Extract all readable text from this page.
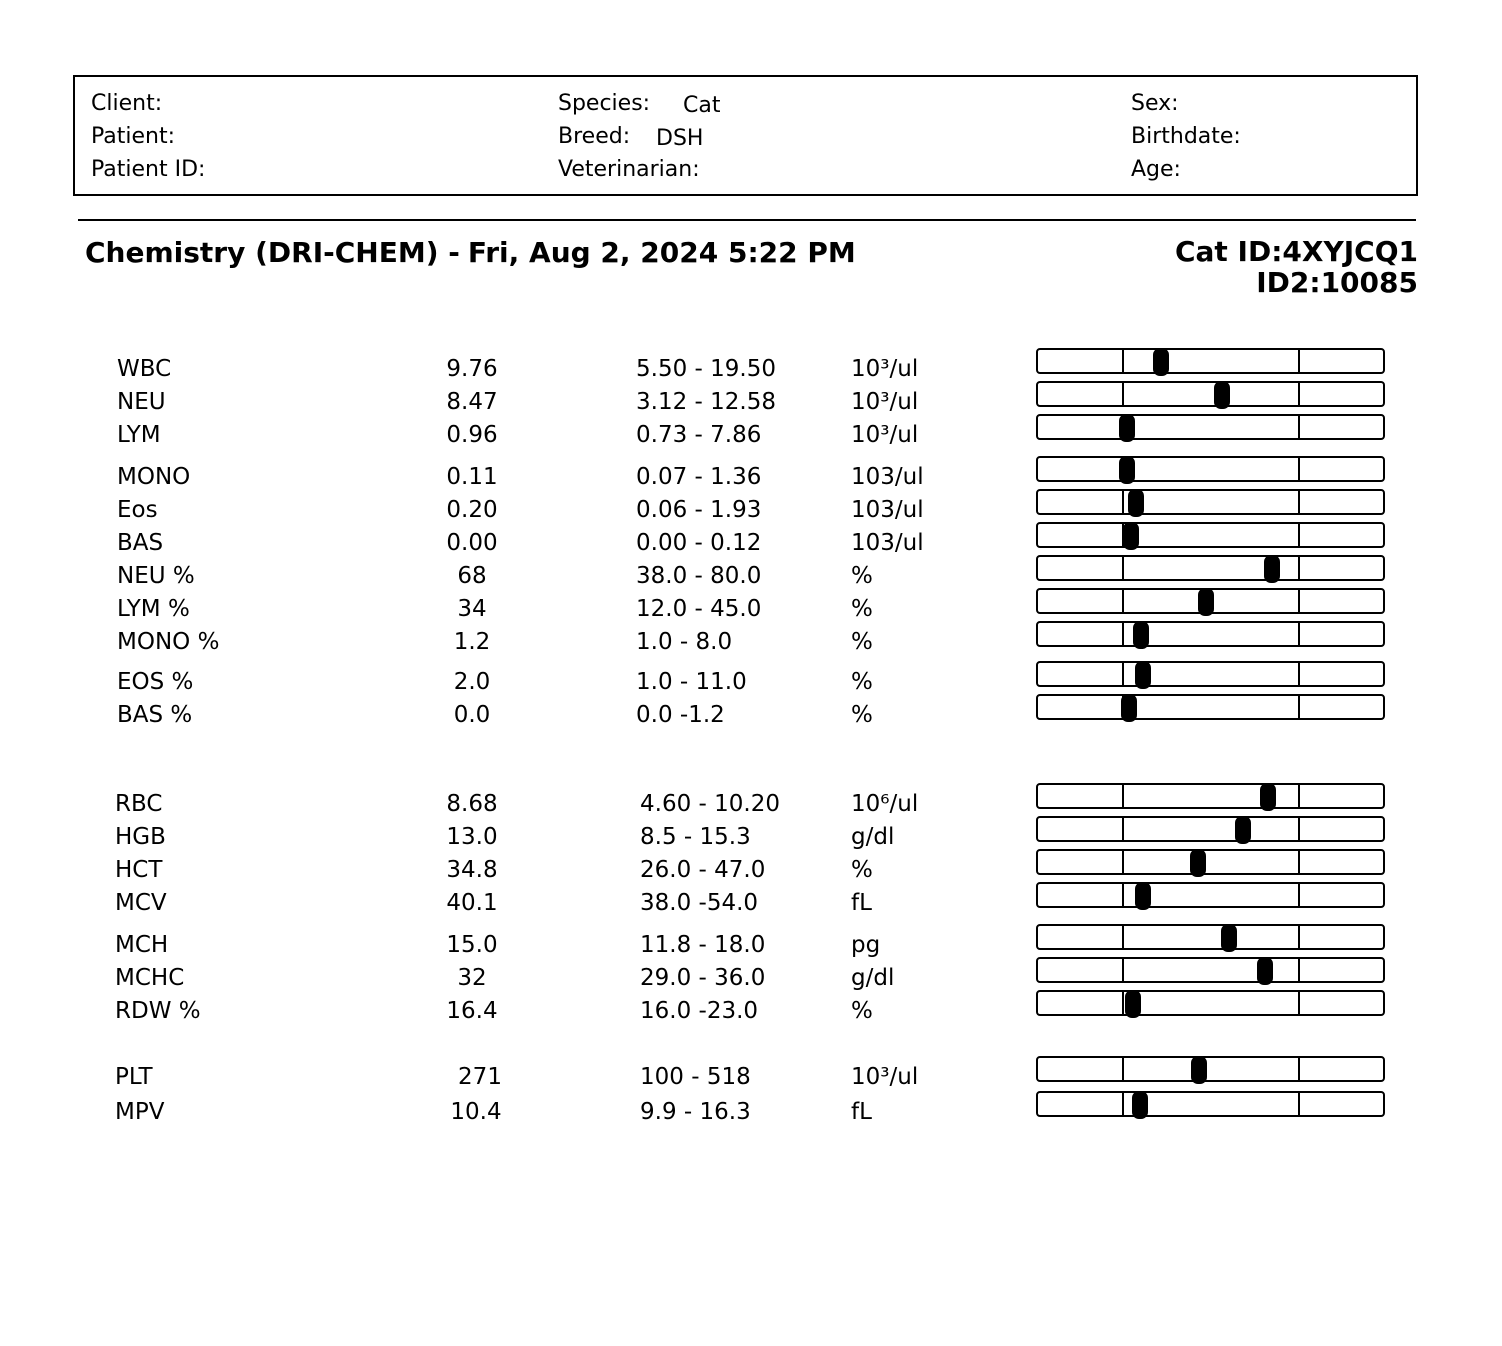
Client:
Patient:
Patient ID:
Species: Cat
Breed: DSH
Veterinarian:
Sex:
Birthdate:
Age:
Chemistry (DRI-CHEM) - Fri, Aug 2, 2024 5:22 PM	Cat ID:4XYJCQ1
ID2:10085
WBC	9.76	5.50 - 19.50	10³/ul
NEU	8.47	3.12 - 12.58	10³/ul
LYM	0.96	0.73 - 7.86	10³/ul
MONO	0.11	0.07 - 1.36	103/ul
Eos	0.20	0.06 - 1.93	103/ul
BAS	0.00	0.00 - 0.12	103/ul
NEU %	68	38.0 - 80.0	%
LYM %	34	12.0 - 45.0	%
MONO %	1.2	1.0 - 8.0	%
EOS %	2.0	1.0 - 11.0	%
BAS %	0.0	0.0 -1.2	%
RBC	8.68	4.60 - 10.20	10⁶/ul
HGB	13.0	8.5 - 15.3	g/dl
HCT	34.8	26.0 - 47.0	%
MCV	40.1	38.0 -54.0	fL
MCH	15.0	11.8 - 18.0	pg
MCHC	32	29.0 - 36.0	g/dl
RDW %	16.4	16.0 -23.0	%
PLT	271	100 - 518	10³/ul
MPV	10.4	9.9 - 16.3	fL
